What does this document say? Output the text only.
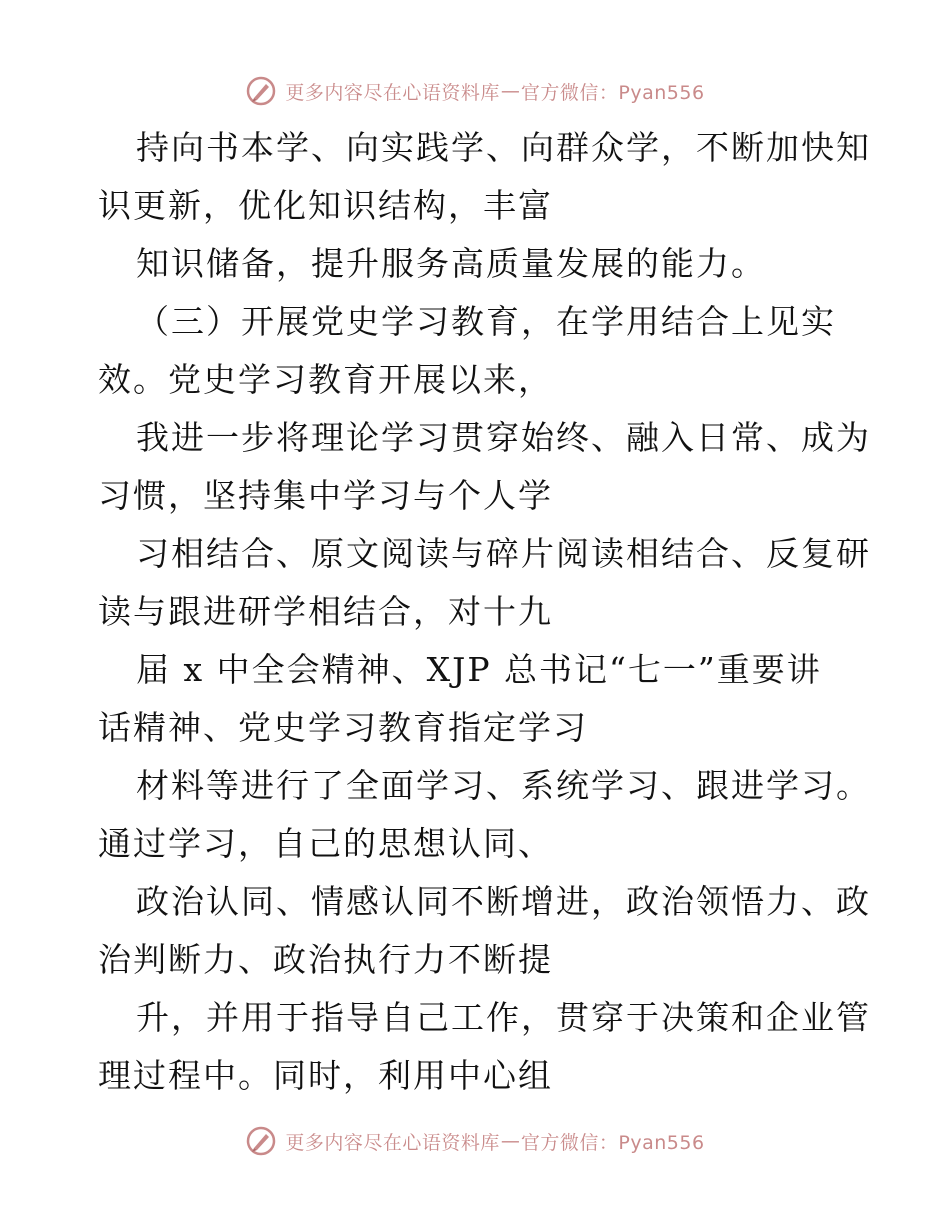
更多内容尽在心语资料库 — 官方微信：Pyan556
持向书本学、向实践学、向群众学，不断加快知
识更新，优化知识结构，丰富
知识储备，提升服务高质量发展的能力。
（三）开展党史学习教育，在学用结合上见实
效。党史学习教育开展以来，
我进一步将理论学习贯穿始终、融入日常、成为
习惯，坚持集中学习与个人学
习相结合、原文阅读与碎片阅读相结合、反复研
读与跟进研学相结合，对十九
届 x 中全会精神、XJP 总书记“七一”重要讲
话精神、党史学习教育指定学习
材料等进行了全面学习、系统学习、跟进学习。
通过学习，自己的思想认同、
政治认同、情感认同不断增进，政治领悟力、政
治判断力、政治执行力不断提
升，并用于指导自己工作，贯穿于决策和企业管
理过程中。同时，利用中心组
更多内容尽在心语资料库 — 官方微信：Pyan556
